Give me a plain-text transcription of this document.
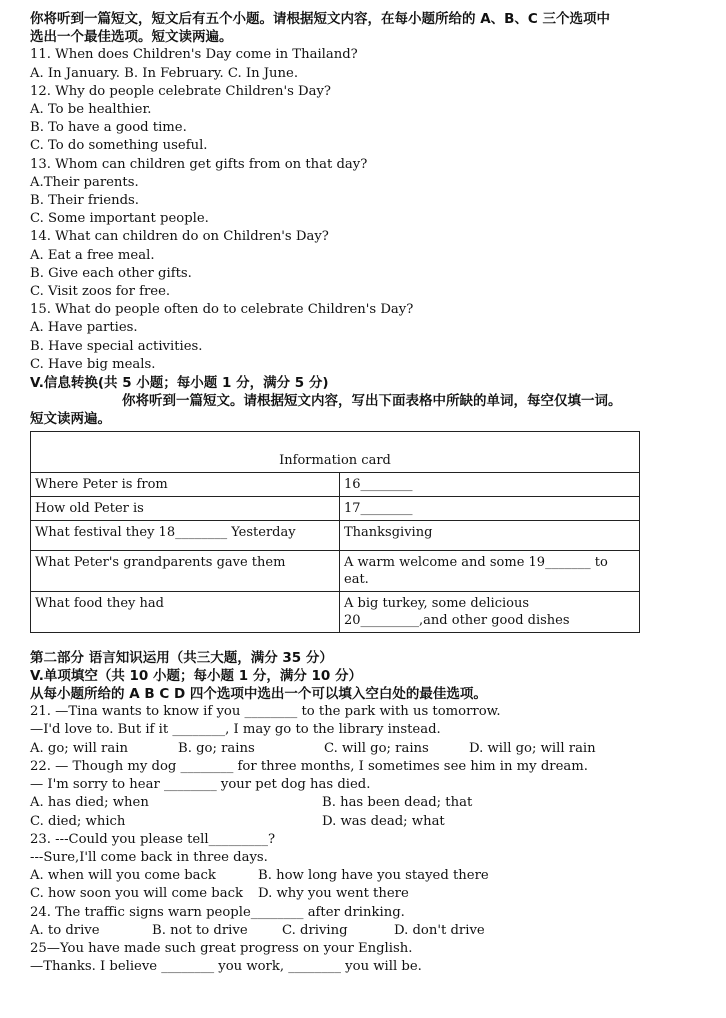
你将听到一篇短文，短文后有五个小题。请根据短文内容，在每小题所给的 A、B、C 三个选项中
选出一个最佳选项。短文读两遍。
11. When does Children's Day come in Thailand?
A. In January. B. In February. C. In June.
12. Why do people celebrate Children's Day?
A. To be healthier.
B. To have a good time.
C. To do something useful.
13. Whom can children get gifts from on that day?
A.Their parents.
B. Their friends.
C. Some important people.
14. What can children do on Children's Day?
A. Eat a free meal.
B. Give each other gifts.
C. Visit zoos for free.
15. What do people often do to celebrate Children's Day?
A. Have parties.
B. Have special activities.
C. Have big meals.
V.信息转换(共 5 小题；每小题 1 分，满分 5 分)
你将听到一篇短文。请根据短文内容，写出下面表格中所缺的单词，每空仅填一词。
短文读两遍。
Information card	
Where Peter is from	16________
How old Peter is	17________
What festival they 18________ Yesterday	Thanksgiving
What Peter's grandparents gave them	A warm welcome and some 19_______ to eat.
What food they had	A big turkey, some delicious 20_________,and other good dishes
第二部分 语言知识运用（共三大题，满分 35 分）
V.单项填空（共 10 小题；每小题 1 分，满分 10 分）
从每小题所给的 A B C D 四个选项中选出一个可以填入空白处的最佳选项。
21. —Tina wants to know if you ________ to the park with us tomorrow.
—I'd love to. But if it ________, I may go to the library instead.
A. go; will rain	B. go; rains	C. will go; rains	D. will go; will rain
22. — Though my dog ________ for three months, I sometimes see him in my dream.
— I'm sorry to hear ________ your pet dog has died.
A. has died; when	B. has been dead; that
C. died; which	D. was dead; what
23. ---Could you please tell_________?
---Sure,I'll come back in three days.
A. when will you come back	B. how long have you stayed there
C. how soon you will come back	D. why you went there
24. The traffic signs warn people________ after drinking.
A. to drive	B. not to drive	C. driving	D. don't drive
25—You have made such great progress on your English.
—Thanks. I believe ________ you work, ________ you will be.
